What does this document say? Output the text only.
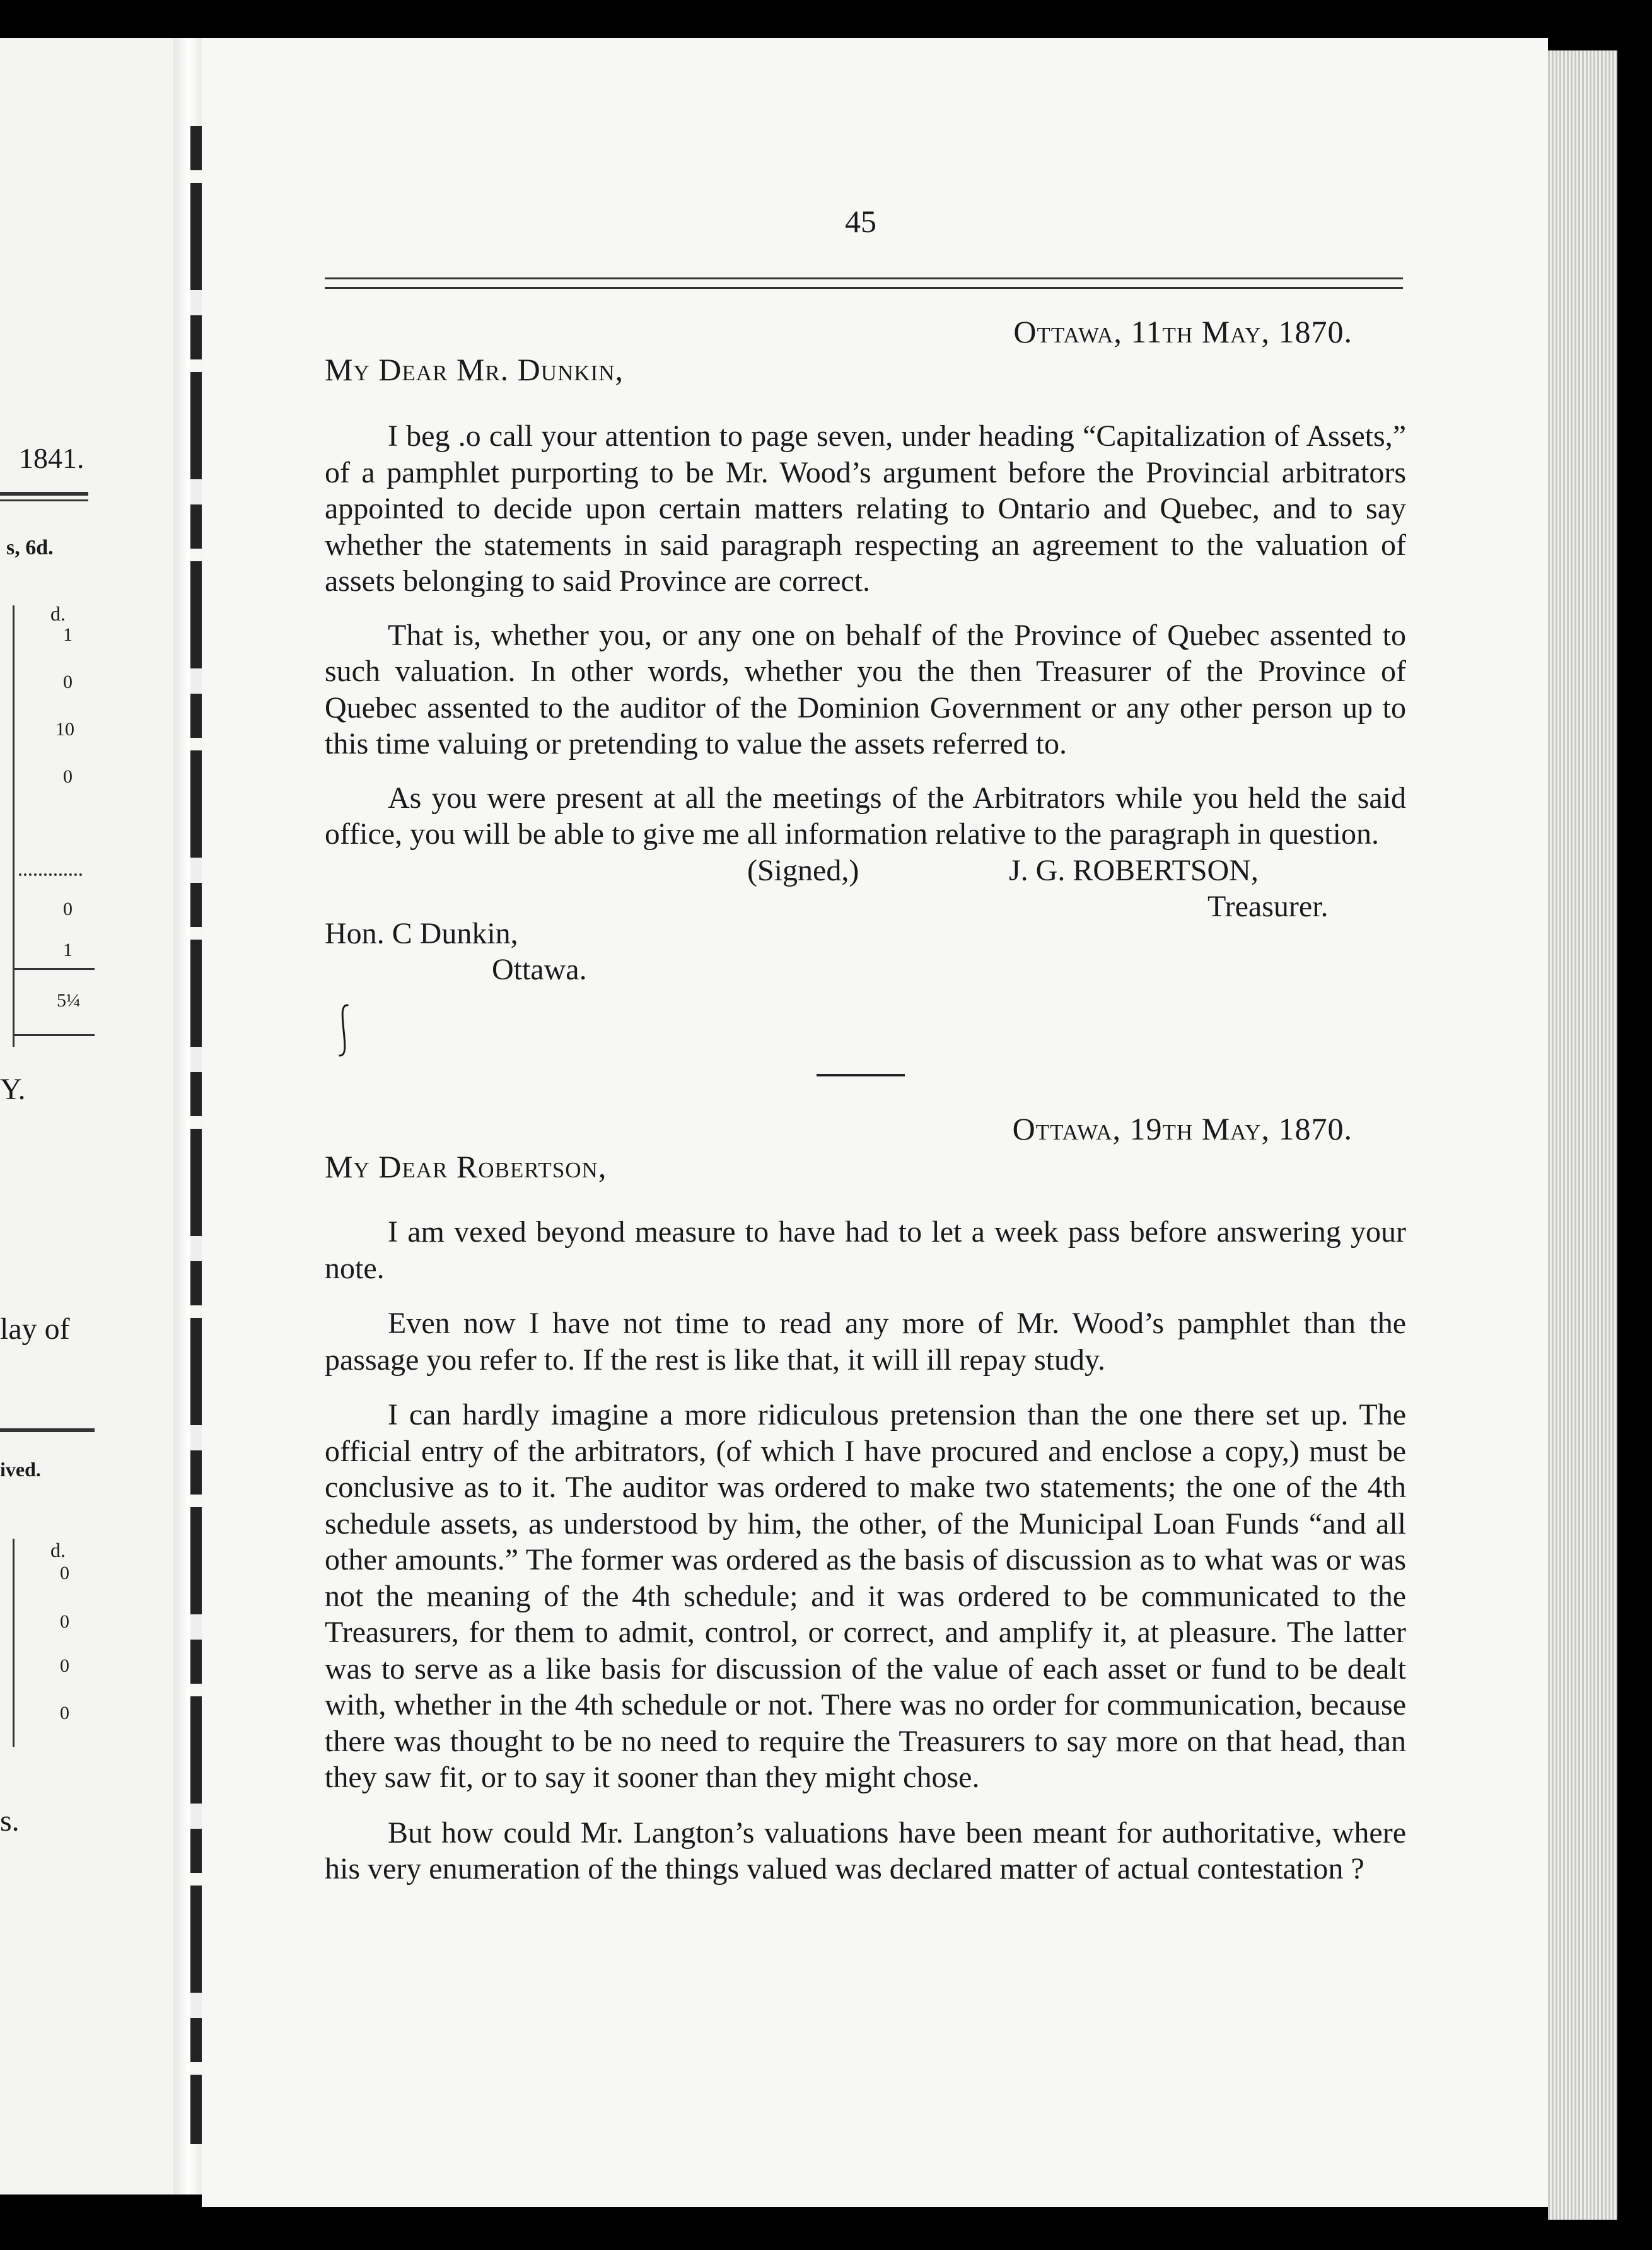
1841.
s, 6d.
d.
1
0
10
0
0
1
5¼
Y.
lay of
ived.
d.
0
0
0
0
s.
45
Ottawa, 11th May, 1870.
My Dear Mr. Dunkin,

I beg .o call your attention to page seven, under heading “Capitalization of Assets,” of a pamphlet purporting to be Mr. Wood’s argument before the Provincial arbitrators appointed to decide upon certain matters relating to Ontario and Quebec, and to say whether the statements in said paragraph respecting an agreement to the valuation of assets belonging to said Province are correct.

That is, whether you, or any one on behalf of the Province of Quebec assented to such valuation. In other words, whether you the then Treasurer of the Province of Quebec assented to the auditor of the Dominion Government or any other person up to this time valuing or pretending to value the assets referred to.

As you were present at all the meetings of the Arbitrators while you held the said office, you will be able to give me all information relative to the paragraph in question.

(Signed,)	J. G. ROBERTSON,
Treasurer.
Hon. C Dunkin,
Ottawa.
⎰
Ottawa, 19th May, 1870.
My Dear Robertson,

I am vexed beyond measure to have had to let a week pass before answering your note.

Even now I have not time to read any more of Mr. Wood’s pamphlet than the passage you refer to. If the rest is like that, it will ill repay study.

I can hardly imagine a more ridiculous pretension than the one there set up. The official entry of the arbitrators, (of which I have procured and enclose a copy,) must be conclusive as to it. The auditor was ordered to make two statements; the one of the 4th schedule assets, as understood by him, the other, of the Municipal Loan Funds “and all other amounts.” The former was ordered as the basis of discussion as to what was or was not the meaning of the 4th schedule; and it was ordered to be communicated to the Treasurers, for them to admit, control, or correct, and amplify it, at pleasure. The latter was to serve as a like basis for discussion of the value of each asset or fund to be dealt with, whether in the 4th schedule or not. There was no order for communication, because there was thought to be no need to require the Treasurers to say more on that head, than they saw fit, or to say it sooner than they might chose.

But how could Mr. Langton’s valuations have been meant for authoritative, where his very enumeration of the things valued was declared matter of actual contestation ?
